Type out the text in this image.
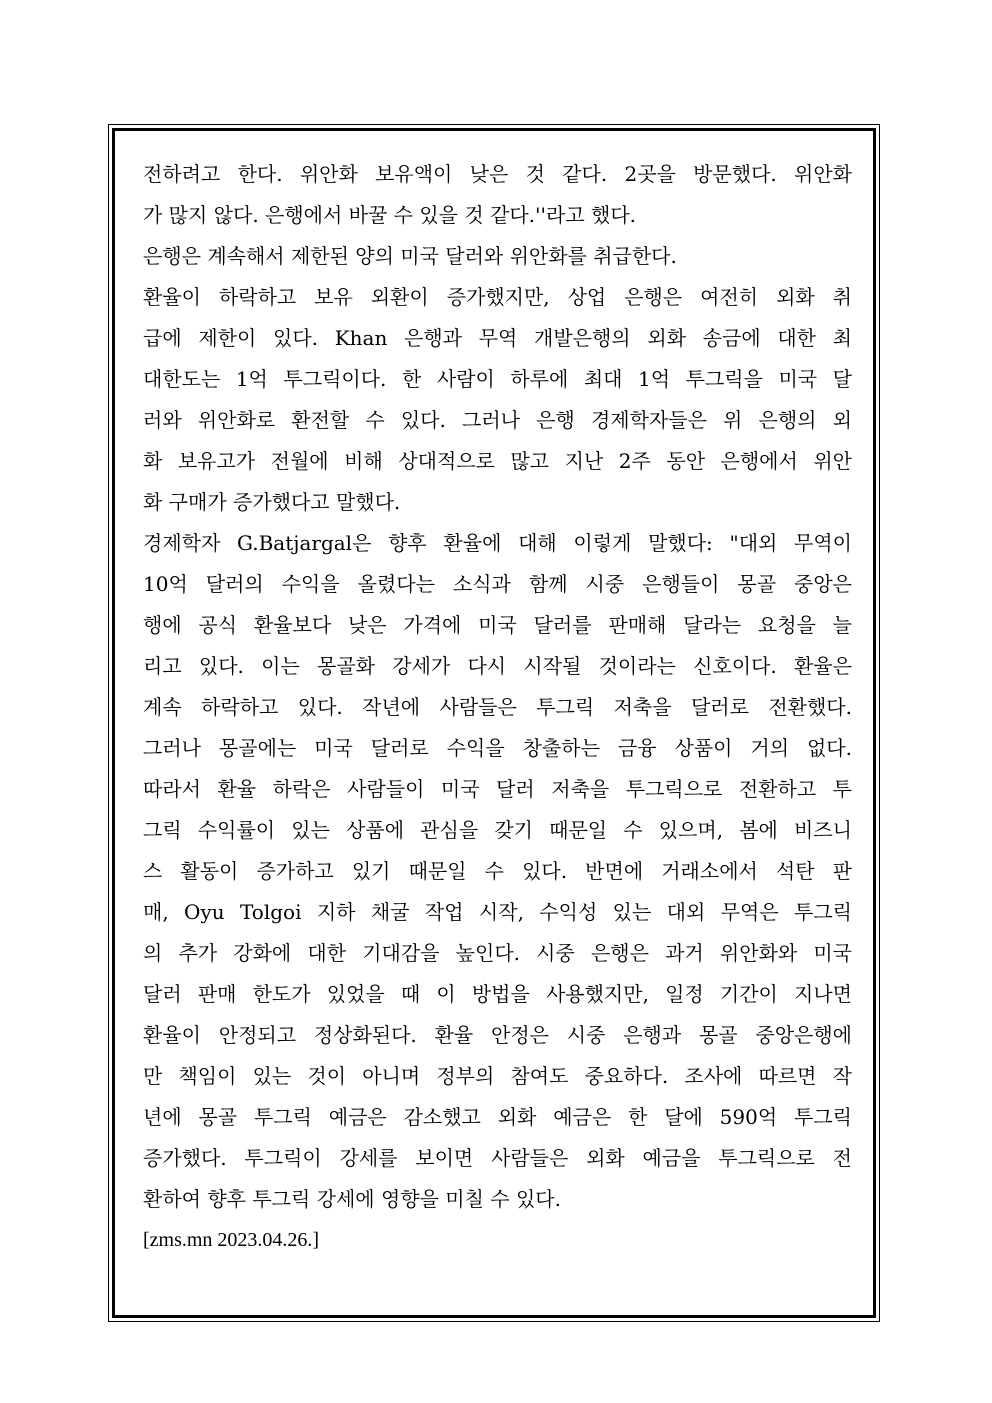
전하려고 한다. 위안화 보유액이 낮은 것 같다. 2곳을 방문했다. 위안화
가 많지 않다. 은행에서 바꿀 수 있을 것 같다.''라고 했다.
은행은 계속해서 제한된 양의 미국 달러와 위안화를 취급한다.
환율이 하락하고 보유 외환이 증가했지만, 상업 은행은 여전히 외화 취
급에 제한이 있다. Khan 은행과 무역 개발은행의 외화 송금에 대한 최
대한도는 1억 투그릭이다. 한 사람이 하루에 최대 1억 투그릭을 미국 달
러와 위안화로 환전할 수 있다. 그러나 은행 경제학자들은 위 은행의 외
화 보유고가 전월에 비해 상대적으로 많고 지난 2주 동안 은행에서 위안
화 구매가 증가했다고 말했다.
경제학자 G.Batjargal은 향후 환율에 대해 이렇게 말했다: "대외 무역이
10억 달러의 수익을 올렸다는 소식과 함께 시중 은행들이 몽골 중앙은
행에 공식 환율보다 낮은 가격에 미국 달러를 판매해 달라는 요청을 늘
리고 있다. 이는 몽골화 강세가 다시 시작될 것이라는 신호이다. 환율은
계속 하락하고 있다. 작년에 사람들은 투그릭 저축을 달러로 전환했다.
그러나 몽골에는 미국 달러로 수익을 창출하는 금융 상품이 거의 없다.
따라서 환율 하락은 사람들이 미국 달러 저축을 투그릭으로 전환하고 투
그릭 수익률이 있는 상품에 관심을 갖기 때문일 수 있으며, 봄에 비즈니
스 활동이 증가하고 있기 때문일 수 있다. 반면에 거래소에서 석탄 판
매, Oyu Tolgoi 지하 채굴 작업 시작, 수익성 있는 대외 무역은 투그릭
의 추가 강화에 대한 기대감을 높인다. 시중 은행은 과거 위안화와 미국
달러 판매 한도가 있었을 때 이 방법을 사용했지만, 일정 기간이 지나면
환율이 안정되고 정상화된다. 환율 안정은 시중 은행과 몽골 중앙은행에
만 책임이 있는 것이 아니며 정부의 참여도 중요하다. 조사에 따르면 작
년에 몽골 투그릭 예금은 감소했고 외화 예금은 한 달에 590억 투그릭
증가했다. 투그릭이 강세를 보이면 사람들은 외화 예금을 투그릭으로 전
환하여 향후 투그릭 강세에 영향을 미칠 수 있다.

[zms.mn 2023.04.26.]
